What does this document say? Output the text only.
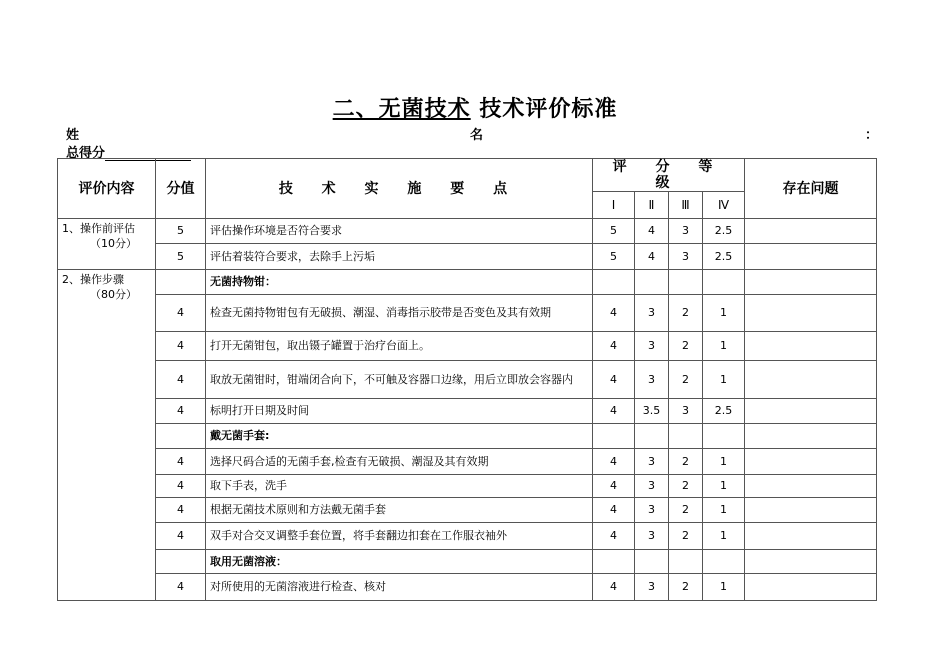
二、无菌技术 技术评价标准
姓	名	：
总得分
评价内容	分值	技 术 实 施 要 点	评 分 等 级				存在问题
			Ⅰ	Ⅱ	Ⅲ	Ⅳ	
1、操作前评估
（10分）	5	评估操作环境是否符合要求	5	4	3	2.5	
	5	评估着装符合要求，去除手上污垢	5	4	3	2.5	
2、操作步骤
（80分）		无菌持物钳：					
	4	检查无菌持物钳包有无破损、潮湿、消毒指示胶带是否变色及其有效期	4	3	2	1	
	4	打开无菌钳包，取出镊子罐置于治疗台面上。	4	3	2	1	
	4	取放无菌钳时，钳端闭合向下，不可触及容器口边缘，用后立即放会容器内	4	3	2	1	
	4	标明打开日期及时间	4	3.5	3	2.5	
		戴无菌手套:					
	4	选择尺码合适的无菌手套,检查有无破损、潮湿及其有效期	4	3	2	1	
	4	取下手表，洗手	4	3	2	1	
	4	根据无菌技术原则和方法戴无菌手套	4	3	2	1	
	4	双手对合交叉调整手套位置，将手套翻边扣套在工作服衣袖外	4	3	2	1	
		取用无菌溶液：					
	4	对所使用的无菌溶液进行检查、核对	4	3	2	1	
